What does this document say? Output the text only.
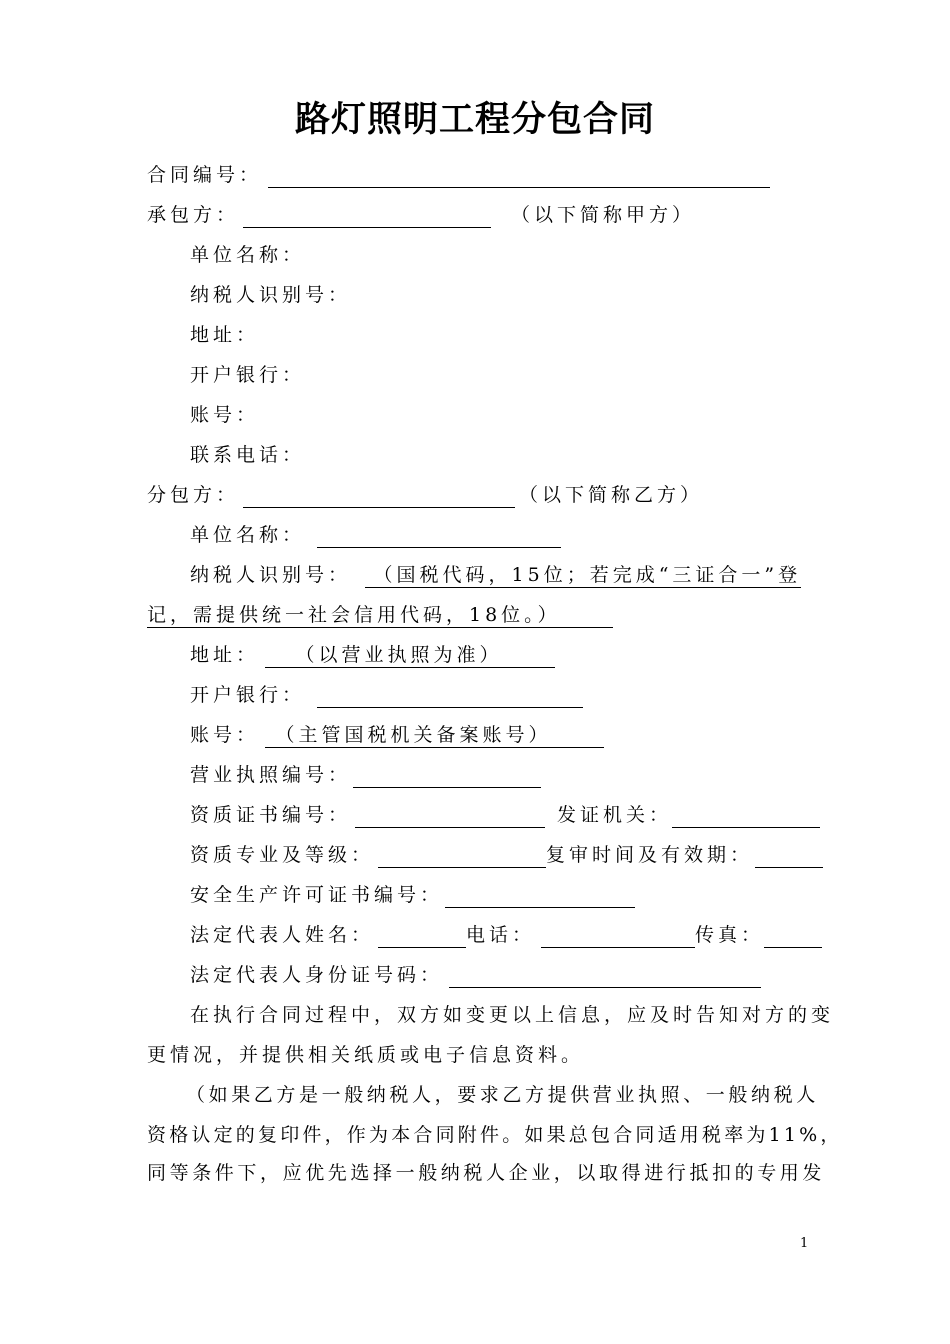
路灯照明工程分包合同
合同编号：
承包方：	（以下简称甲方）
单位名称：
纳税人识别号：
地址：
开户银行：
账号：
联系电话：
分包方：	（以下简称乙方）
单位名称：
纳税人识别号： （国税代码，15位；若完成“三证合一”登
记，需提供统一社会信用代码，18位。）
地址： （以营业执照为准）
开户银行：
账号： （主管国税机关备案账号）
营业执照编号：
资质证书编号：	发证机关：
资质专业及等级：	复审时间及有效期：
安全生产许可证书编号：
法定代表人姓名：	电话：	传真：
法定代表人身份证号码：
在执行合同过程中，双方如变更以上信息，应及时告知对方的变
更情况，并提供相关纸质或电子信息资料。
（如果乙方是一般纳税人，要求乙方提供营业执照、一般纳税人
资格认定的复印件，作为本合同附件。如果总包合同适用税率为11%，
同等条件下，应优先选择一般纳税人企业，以取得进行抵扣的专用发
1
